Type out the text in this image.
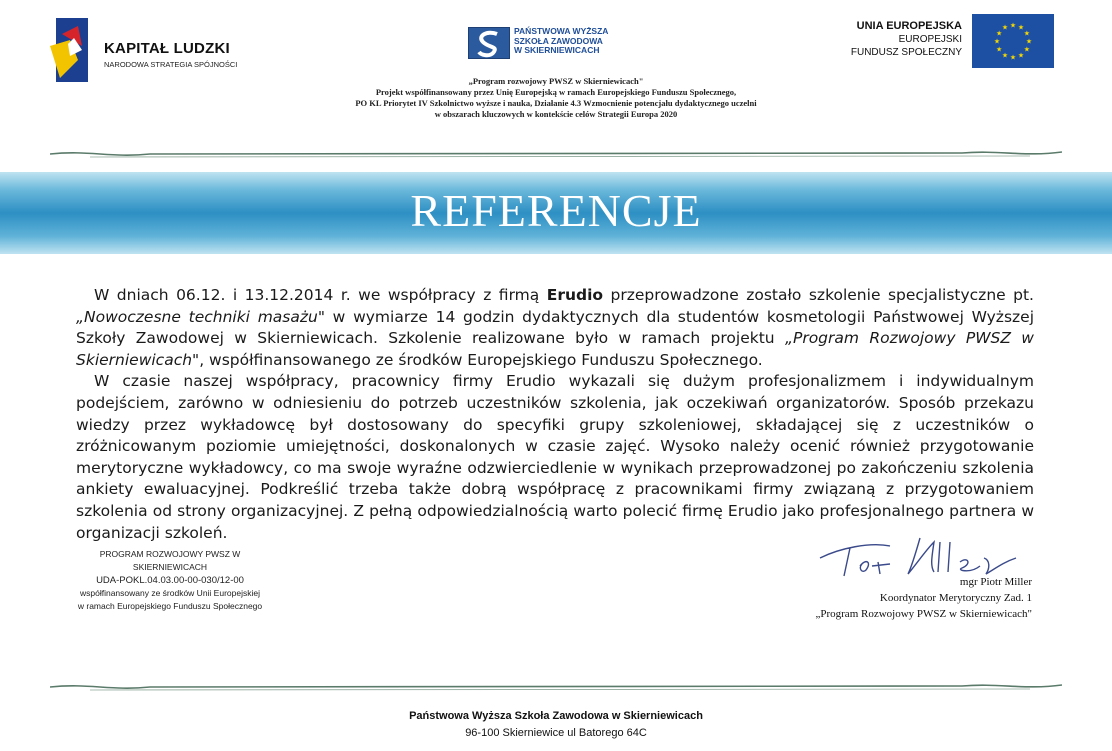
KAPITAŁ LUDZKI
NARODOWA STRATEGIA SPÓJNOŚCI
PAŃSTWOWA WYŻSZA
SZKOŁA ZAWODOWA
W SKIERNIEWICACH
UNIA EUROPEJSKA
EUROPEJSKI
FUNDUSZ SPOŁECZNY
★ ★
★
★
★
★
★
★
★
★
★
★
„Program rozwojowy PWSZ w Skierniewicach"
Projekt współfinansowany przez Unię Europejską w ramach Europejskiego Funduszu Społecznego,
PO KL Priorytet IV Szkolnictwo wyższe i nauka, Działanie 4.3 Wzmocnienie potencjału dydaktycznego uczelni
w obszarach kluczowych w kontekście celów Strategii Europa 2020
REFERENCJE

W dniach 06.12. i 13.12.2014 r. we współpracy z firmą Erudio przeprowadzone zostało szkolenie specjalistyczne pt. „Nowoczesne techniki masażu" w wymiarze 14 godzin dydaktycznych dla studentów kosmetologii Państwowej Wyższej Szkoły Zawodowej w Skierniewicach. Szkolenie realizowane było w ramach projektu „Program Rozwojowy PWSZ w Skierniewicach", współfinansowanego ze środków Europejskiego Funduszu Społecznego.

W czasie naszej współpracy, pracownicy firmy Erudio wykazali się dużym profesjonalizmem i indywidualnym podejściem, zarówno w odniesieniu do potrzeb uczestników szkolenia, jak oczekiwań organizatorów. Sposób przekazu wiedzy przez wykładowcę był dostosowany do specyfiki grupy szkoleniowej, składającej się z uczestników o zróżnicowanym poziomie umiejętności, doskonalonych w czasie zajęć. Wysoko należy ocenić również przygotowanie merytoryczne wykładowcy, co ma swoje wyraźne odzwierciedlenie w wynikach przeprowadzonej po zakończeniu szkolenia ankiety ewaluacyjnej. Podkreślić trzeba także dobrą współpracę z pracownikami firmy związaną z przygotowaniem szkolenia od strony organizacyjnej. Z pełną odpowiedzialnością warto polecić firmę Erudio jako profesjonalnego partnera w organizacji szkoleń.

PROGRAM ROZWOJOWY PWSZ W SKIERNIEWICACH
UDA-POKL.04.03.00-00-030/12-00
współfinansowany ze środków Unii Europejskiej
w ramach Europejskiego Funduszu Społecznego
mgr Piotr Miller
Koordynator Merytoryczny Zad. 1
„Program Rozwojowy PWSZ w Skierniewicach"
Państwowa Wyższa Szkoła Zawodowa w Skierniewicach
96-100 Skierniewice ul Batorego 64C
